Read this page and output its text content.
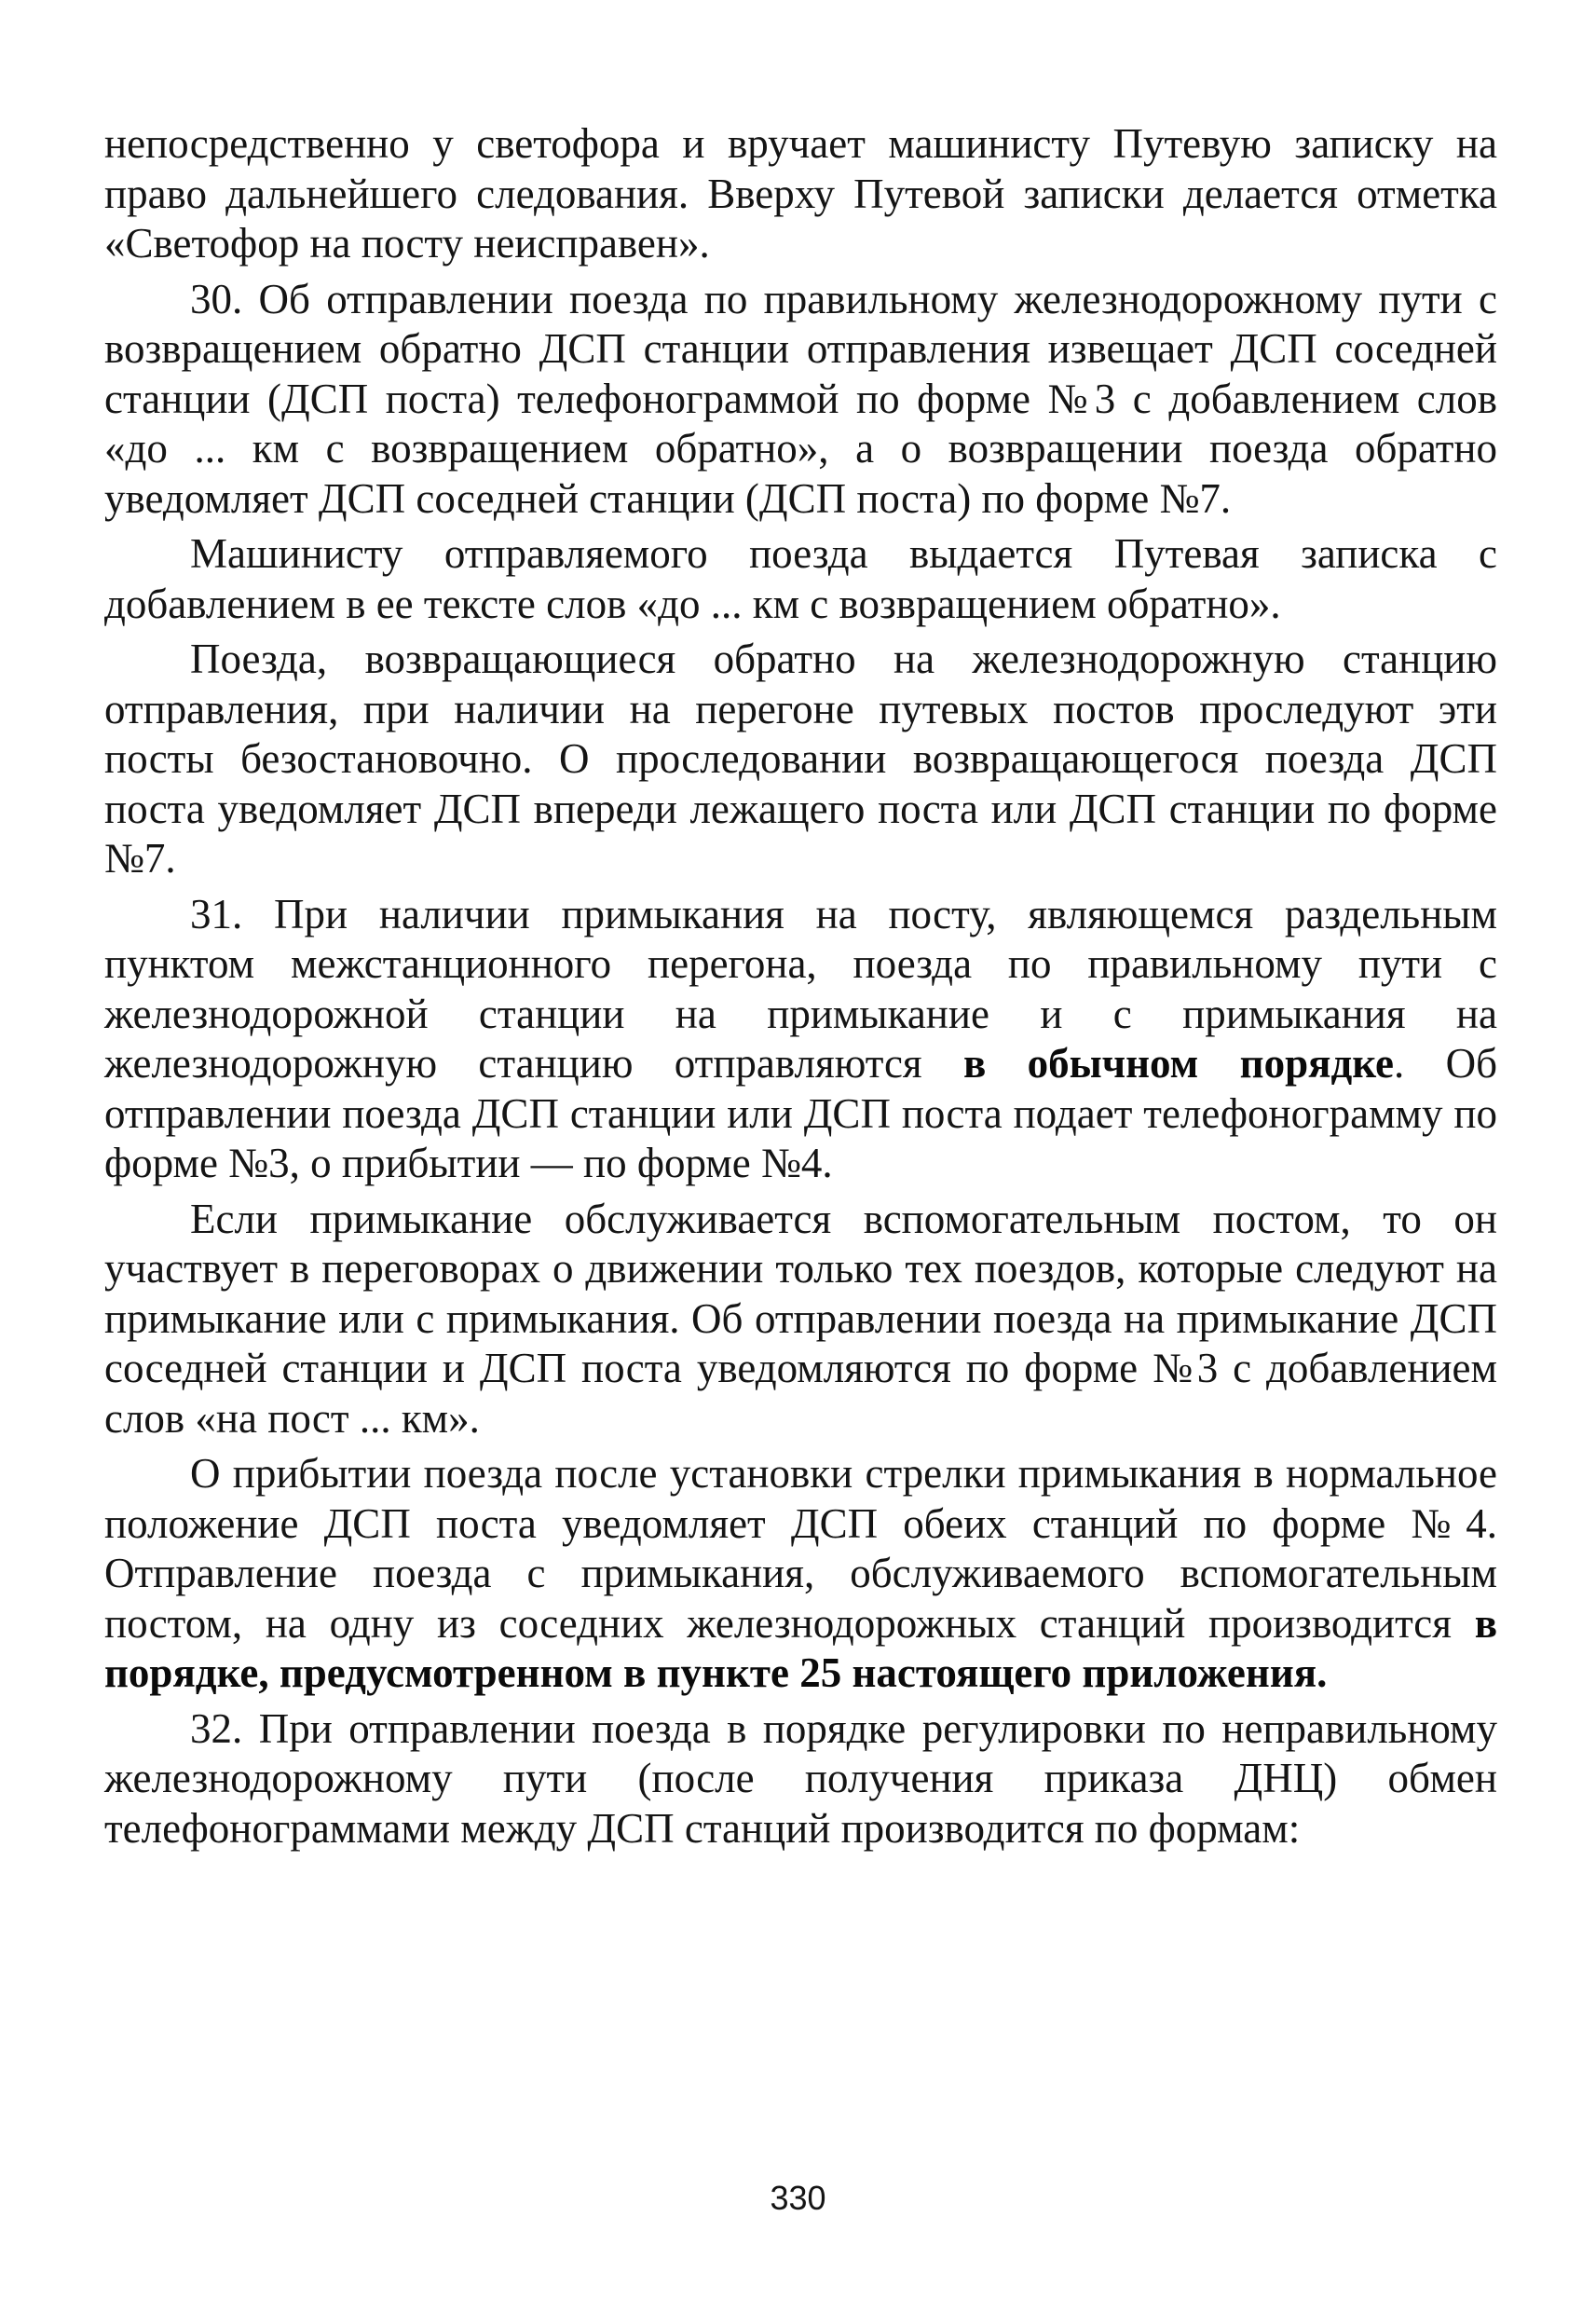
непосредственно у светофора и вручает машинисту Путевую записку на право дальнейшего следования. Вверху Путевой записки делается отметка «Светофор на посту неисправен».

30. Об отправлении поезда по правильному железнодорожному пути с возвращением обратно ДСП станции отправления извещает ДСП соседней станции (ДСП поста) телефонограммой по форме №3 с добавлением слов «до ... км с возвращением обратно», а о возвращении поезда обратно уведомляет ДСП соседней станции (ДСП поста) по форме №7.

Машинисту отправляемого поезда выдается Путевая записка с добавлением в ее тексте слов «до ... км с возвращением обратно».

Поезда, возвращающиеся обратно на железнодорожную станцию отправления, при наличии на перегоне путевых постов проследуют эти посты безостановочно. О проследовании возвращающегося поезда ДСП поста уведомляет ДСП впереди лежащего поста или ДСП станции по форме №7.

31. При наличии примыкания на посту, являющемся раздельным пунктом межстанционного перегона, поезда по правильному пути с железнодорожной станции на примыкание и с примыкания на железнодорожную станцию отправляются в обычном порядке. Об отправлении поезда ДСП станции или ДСП поста подает телефонограмму по форме №3, о прибытии — по форме №4.

Если примыкание обслуживается вспомогательным постом, то он участвует в переговорах о движении только тех поездов, которые следуют на примыкание или с примыкания. Об отправлении поезда на примыкание ДСП соседней станции и ДСП поста уведомляются по форме №3 с добавлением слов «на пост ... км».

О прибытии поезда после установки стрелки примыкания в нормальное положение ДСП поста уведомляет ДСП обеих станций по форме №4. Отправление поезда с примыкания, обслуживаемого вспомогательным постом, на одну из соседних железнодорожных станций производится в порядке, предусмотренном в пункте 25 настоящего приложения.

32. При отправлении поезда в порядке регулировки по неправильному железнодорожному пути (после получения приказа ДНЦ) обмен телефонограммами между ДСП станций производится по формам:

330
